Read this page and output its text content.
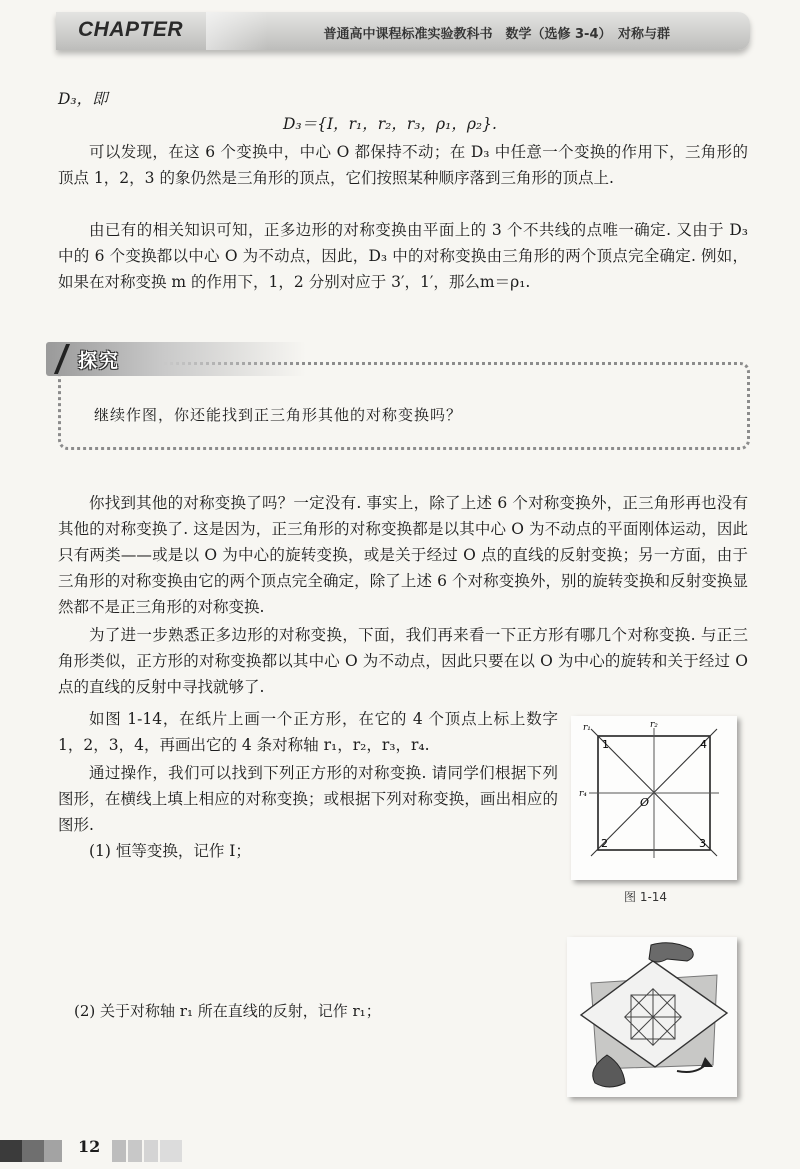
CHAPTER	普通高中课程标准实验教科书　数学（选修 3-4）　对称与群

D₃，即

D₃＝{I，r₁，r₂，r₃，ρ₁，ρ₂}.

可以发现，在这 6 个变换中，中心 O 都保持不动；在 D₃ 中任意一个变换的作用下，三角形的顶点 1，2，3 的象仍然是三角形的顶点，它们按照某种顺序落到三角形的顶点上.

由已有的相关知识可知，正多边形的对称变换由平面上的 3 个不共线的点唯一确定. 又由于 D₃ 中的 6 个变换都以中心 O 为不动点，因此，D₃ 中的对称变换由三角形的两个顶点完全确定. 例如，如果在对称变换 m 的作用下，1，2 分别对应于 3′，1′，那么m＝ρ₁.

探究
继续作图，你还能找到正三角形其他的对称变换吗？

你找到其他的对称变换了吗？一定没有. 事实上，除了上述 6 个对称变换外，正三角形再也没有其他的对称变换了. 这是因为，正三角形的对称变换都是以其中心 O 为不动点的平面刚体运动，因此只有两类——或是以 O 为中心的旋转变换，或是关于经过 O 点的直线的反射变换；另一方面，由于三角形的对称变换由它的两个顶点完全确定，除了上述 6 个对称变换外，别的旋转变换和反射变换显然都不是正三角形的对称变换.

为了进一步熟悉正多边形的对称变换，下面，我们再来看一下正方形有哪几个对称变换. 与正三角形类似，正方形的对称变换都以其中心 O 为不动点，因此只要在以 O 为中心的旋转和关于经过 O 点的直线的反射中寻找就够了.

如图 1-14，在纸片上画一个正方形，在它的 4 个顶点上标上数字 1，2，3，4，再画出它的 4 条对称轴 r₁，r₂，r₃，r₄.

通过操作，我们可以找到下列正方形的对称变换. 请同学们根据下列图形，在横线上填上相应的对称变换；或根据下列对称变换，画出相应的图形.

(1) 恒等变换，记作 I；

r₁	r₂
r₄
1	4
2	3
O
图 1-14
(2) 关于对称轴 r₁ 所在直线的反射，记作 r₁；
12
